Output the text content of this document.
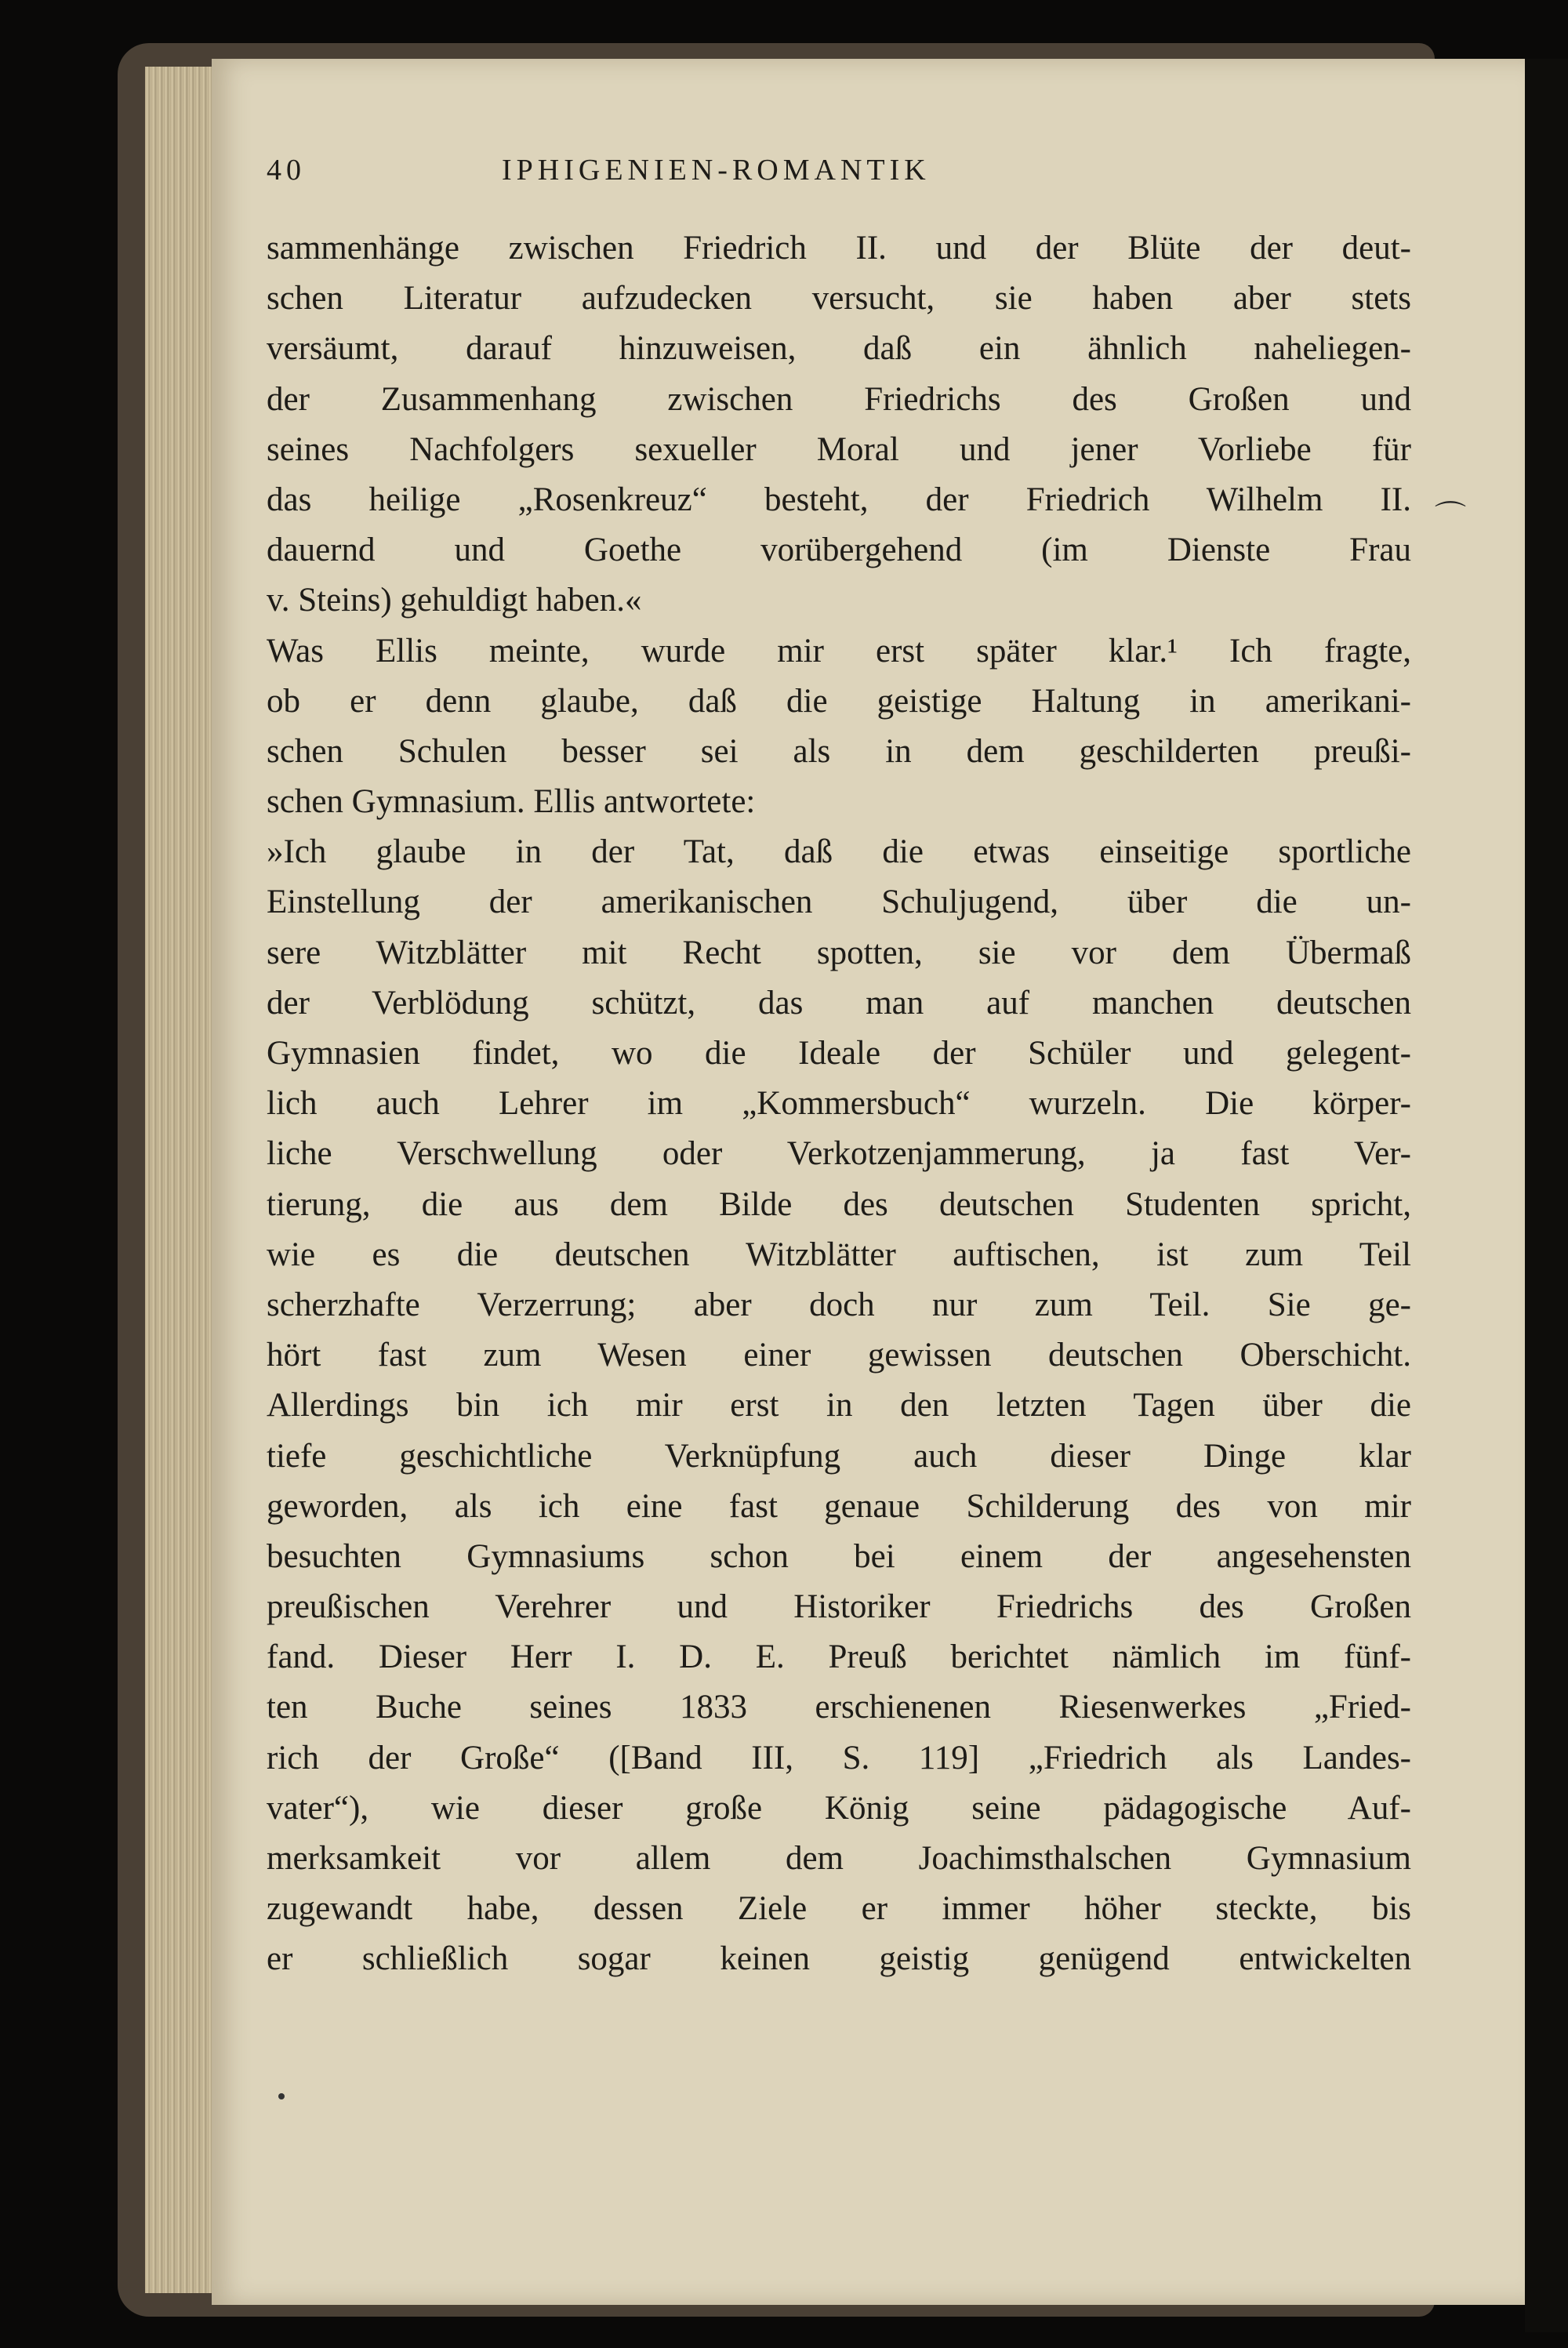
40	IPHIGENIEN-ROMANTIK
sammenhänge zwischen Friedrich II. und der Blüte der deut-
schen Literatur aufzudecken versucht, sie haben aber stets
versäumt, darauf hinzuweisen, daß ein ähnlich naheliegen-
der Zusammenhang zwischen Friedrichs des Großen und
seines Nachfolgers sexueller Moral und jener Vorliebe für
das heilige „Rosenkreuz“ besteht, der Friedrich Wilhelm II.
dauernd und Goethe vorübergehend (im Dienste Frau
v. Steins) gehuldigt haben.«
Was Ellis meinte, wurde mir erst später klar.¹ Ich fragte,
ob er denn glaube, daß die geistige Haltung in amerikani-
schen Schulen besser sei als in dem geschilderten preußi-
schen Gymnasium. Ellis antwortete:
»Ich glaube in der Tat, daß die etwas einseitige sportliche
Einstellung der amerikanischen Schuljugend, über die un-
sere Witzblätter mit Recht spotten, sie vor dem Übermaß
der Verblödung schützt, das man auf manchen deutschen
Gymnasien findet, wo die Ideale der Schüler und gelegent-
lich auch Lehrer im „Kommersbuch“ wurzeln. Die körper-
liche Verschwellung oder Verkotzenjammerung, ja fast Ver-
tierung, die aus dem Bilde des deutschen Studenten spricht,
wie es die deutschen Witzblätter auftischen, ist zum Teil
scherzhafte Verzerrung; aber doch nur zum Teil. Sie ge-
hört fast zum Wesen einer gewissen deutschen Oberschicht.
Allerdings bin ich mir erst in den letzten Tagen über die
tiefe geschichtliche Verknüpfung auch dieser Dinge klar
geworden, als ich eine fast genaue Schilderung des von mir
besuchten Gymnasiums schon bei einem der angesehensten
preußischen Verehrer und Historiker Friedrichs des Großen
fand. Dieser Herr I. D. E. Preuß berichtet nämlich im fünf-
ten Buche seines 1833 erschienenen Riesenwerkes „Fried-
rich der Große“ ([Band III, S. 119] „Friedrich als Landes-
vater“), wie dieser große König seine pädagogische Auf-
merksamkeit vor allem dem Joachimsthalschen Gymnasium
zugewandt habe, dessen Ziele er immer höher steckte, bis
er schließlich sogar keinen geistig genügend entwickelten
⌒
